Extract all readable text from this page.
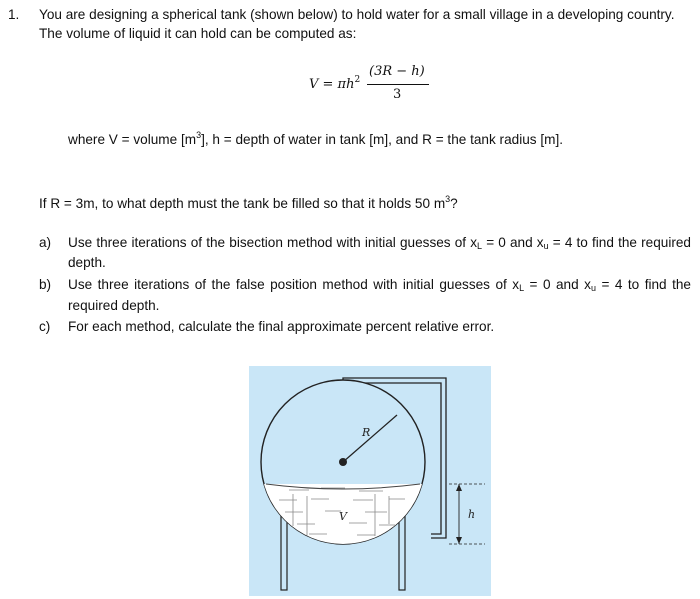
1. You are designing a spherical tank (shown below) to hold water for a small village in a developing country.
The volume of liquid it can hold can be computed as:
$V = \pi h^2$
(3R − h)
3
where V = volume $[m^3]$, h = depth of water in tank [m], and R = the tank radius [m].
If R = 3m, to what depth must the tank be filled so that it holds 50 $m^3$?
a) Use three iterations of the bisection method with initial guesses of $x_L = 0$ and $x_u = 4$ to find the required
depth.
b) Use three iterations of the false position method with initial guesses of $x_L = 0$ and $x_u = 4$ to find the
required depth.
c) For each method, calculate the final approximate percent relative error.
R
V	h
